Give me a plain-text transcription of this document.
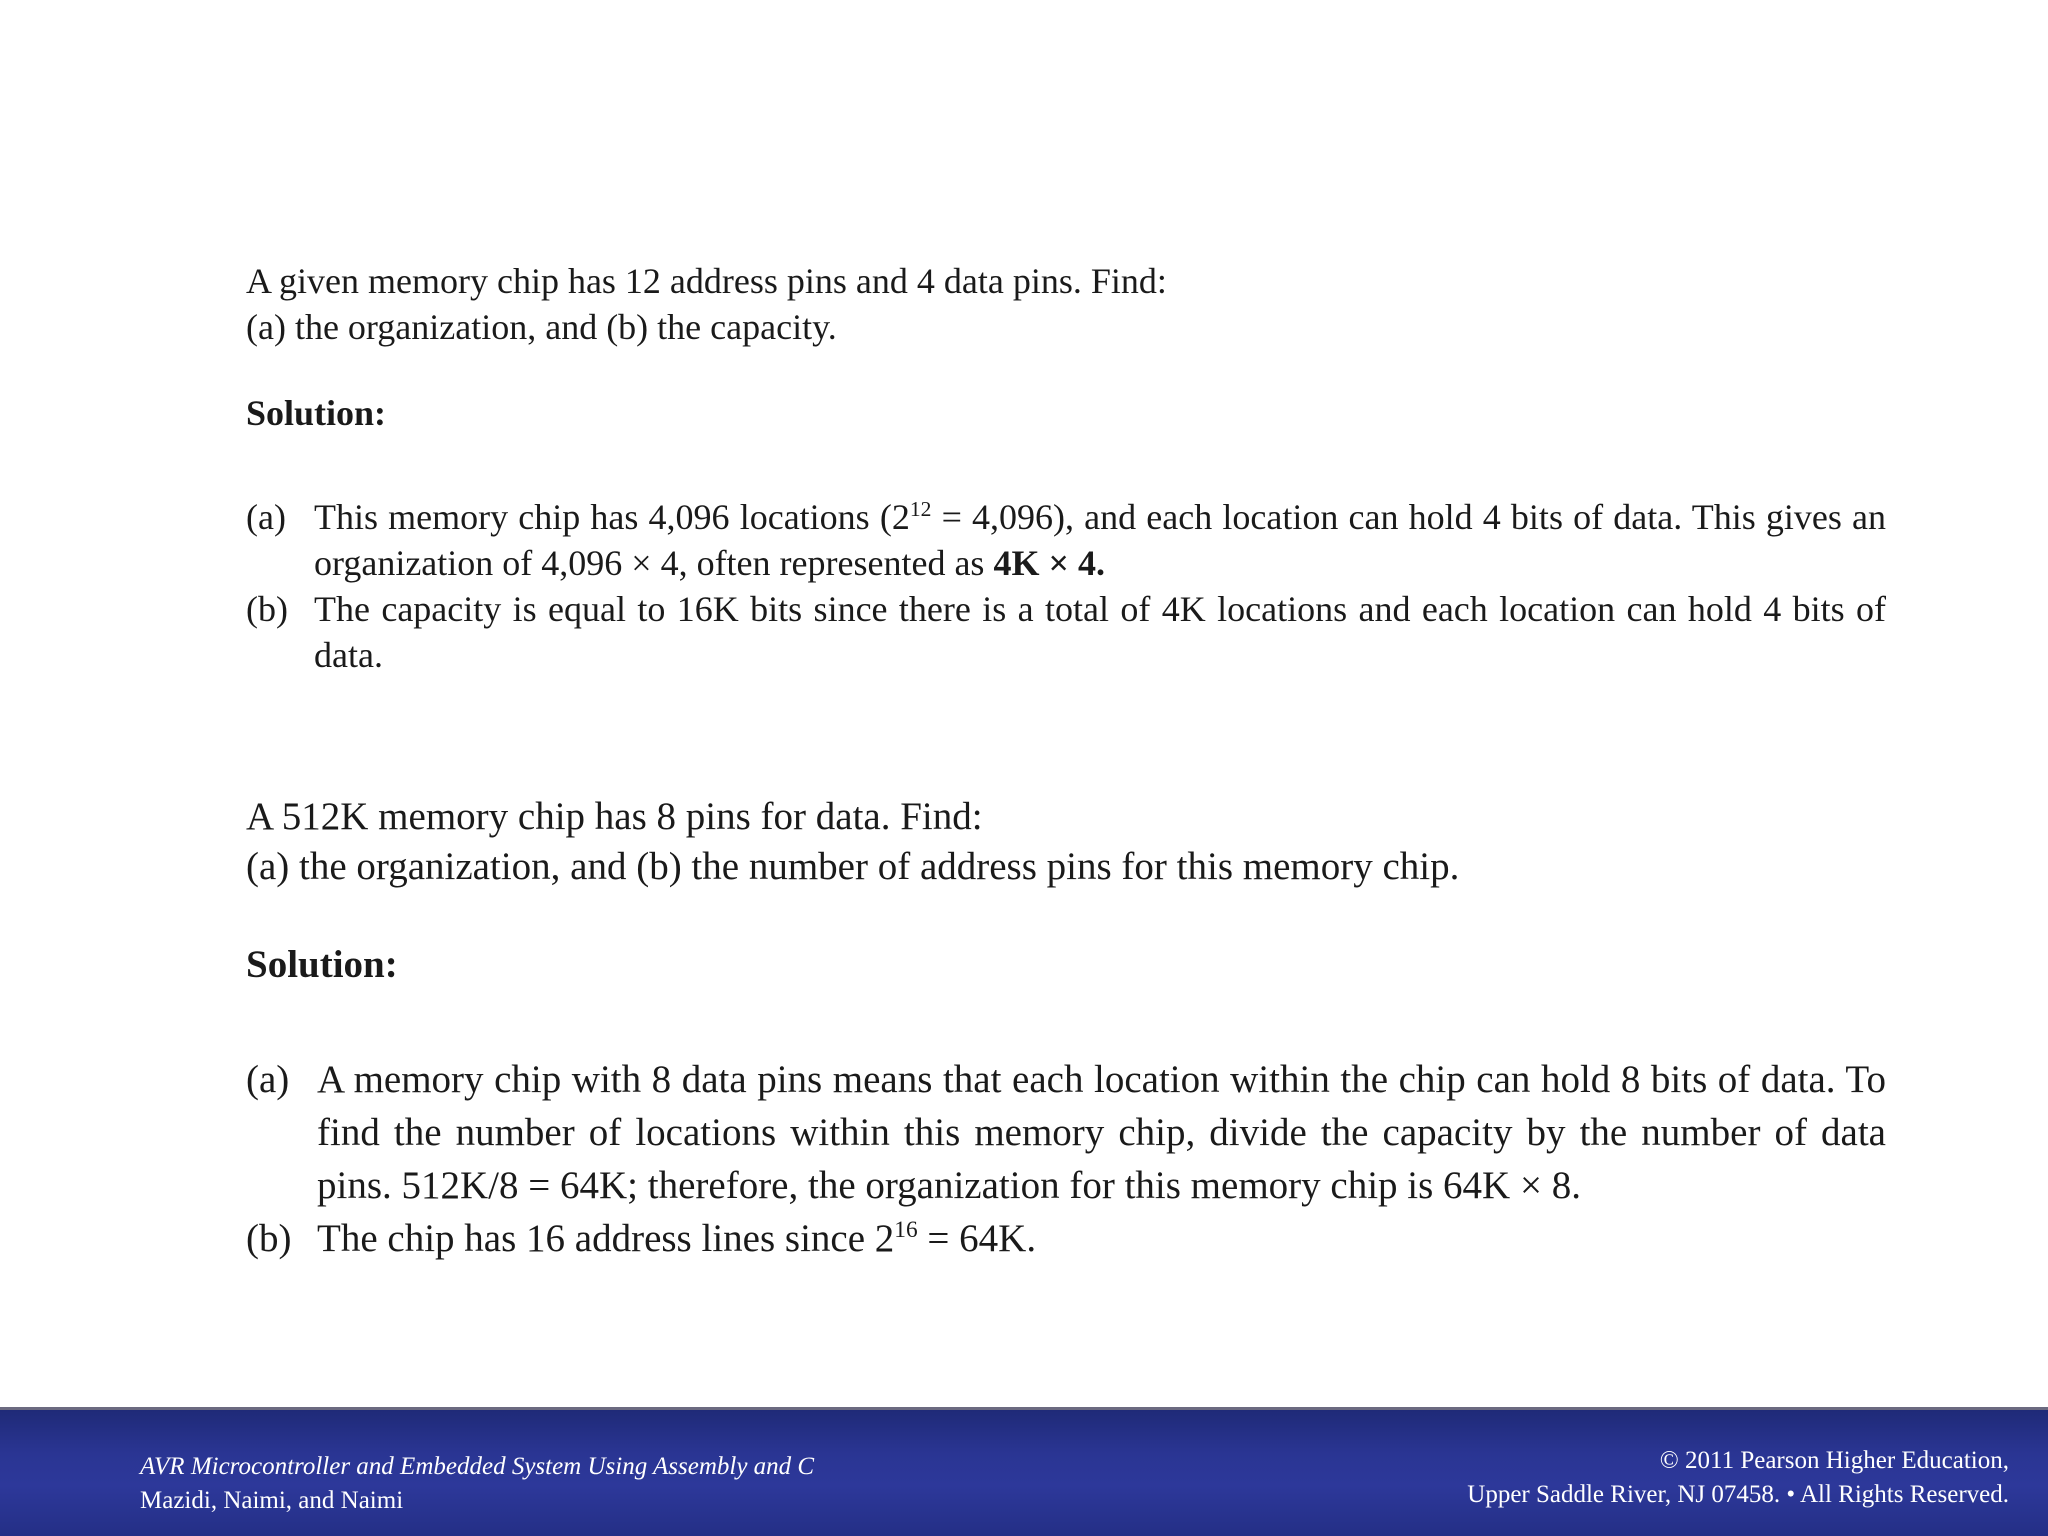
A given memory chip has 12 address pins and 4 data pins. Find:

(a) the organization, and (b) the capacity.

Solution:

(a) This memory chip has 4,096 locations $(2^{12} = 4,096)$, and each location can hold 4 bits of data. This gives an organization of 4,096 × 4, often represented as 4K × 4.
(b) The capacity is equal to 16K bits since there is a total of 4K locations and each location can hold 4 bits of data.

A 512K memory chip has 8 pins for data. Find:

(a) the organization, and (b) the number of address pins for this memory chip.

Solution:

(a) A memory chip with 8 data pins means that each location within the chip can hold 8 bits of data. To find the number of locations within this memory chip, divide the capacity by the number of data pins. 512K/8 = 64K; therefore, the organization for this memory chip is 64K × 8.
(b) The chip has 16 address lines since $2^{16} = 64K$.
AVR Microcontroller and Embedded System Using Assembly and C
Mazidi, Naimi, and Naimi
© 2011 Pearson Higher Education,
Upper Saddle River, NJ 07458. • All Rights Reserved.
